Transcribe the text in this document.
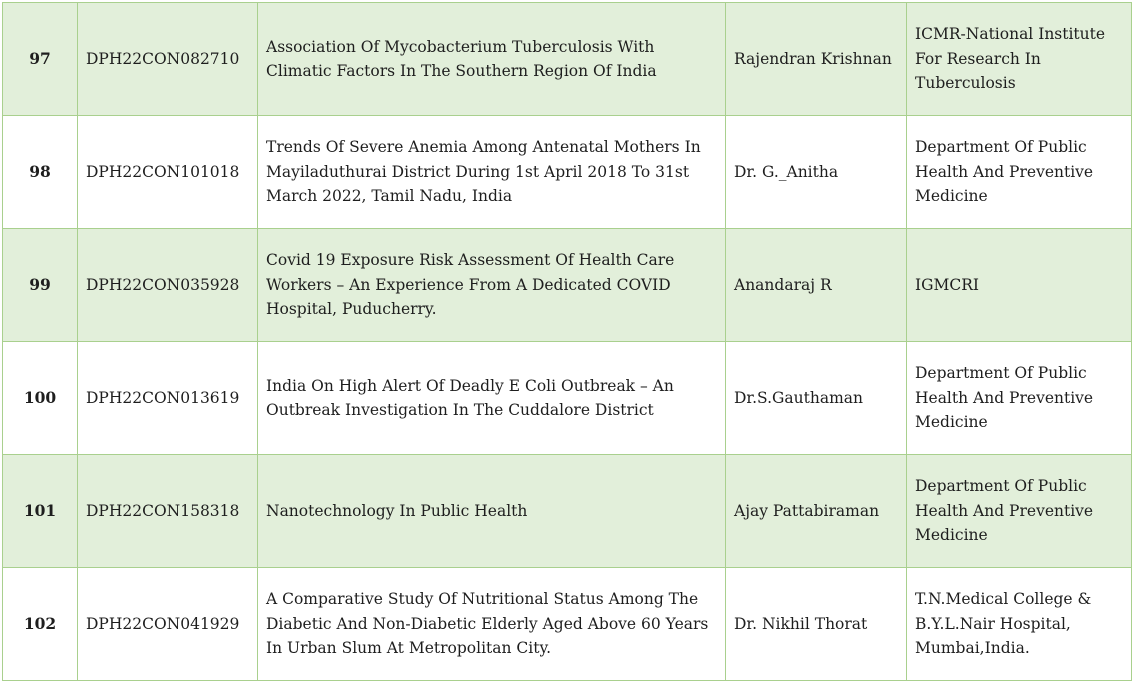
97	DPH22CON082710	Association Of Mycobacterium Tuberculosis With Climatic Factors In The Southern Region Of India	Rajendran Krishnan	ICMR-National Institute For Research In Tuberculosis
98	DPH22CON101018	Trends Of Severe Anemia Among Antenatal Mothers In Mayiladuthurai District During 1st April 2018 To 31st March 2022, Tamil Nadu, India	Dr. G._Anitha	Department Of Public Health And Preventive Medicine
99	DPH22CON035928	Covid 19 Exposure Risk Assessment Of Health Care Workers – An Experience From A Dedicated COVID Hospital, Puducherry.	Anandaraj R	IGMCRI
100	DPH22CON013619	India On High Alert Of Deadly E Coli Outbreak – An Outbreak Investigation In The Cuddalore District	Dr.S.Gauthaman	Department Of Public Health And Preventive Medicine
101	DPH22CON158318	Nanotechnology In Public Health	Ajay Pattabiraman	Department Of Public Health And Preventive Medicine
102	DPH22CON041929	A Comparative Study Of Nutritional Status Among The Diabetic And Non-Diabetic Elderly Aged Above 60 Years In Urban Slum At Metropolitan City.	Dr. Nikhil Thorat	T.N.Medical College & B.Y.L.Nair Hospital, Mumbai,India.
